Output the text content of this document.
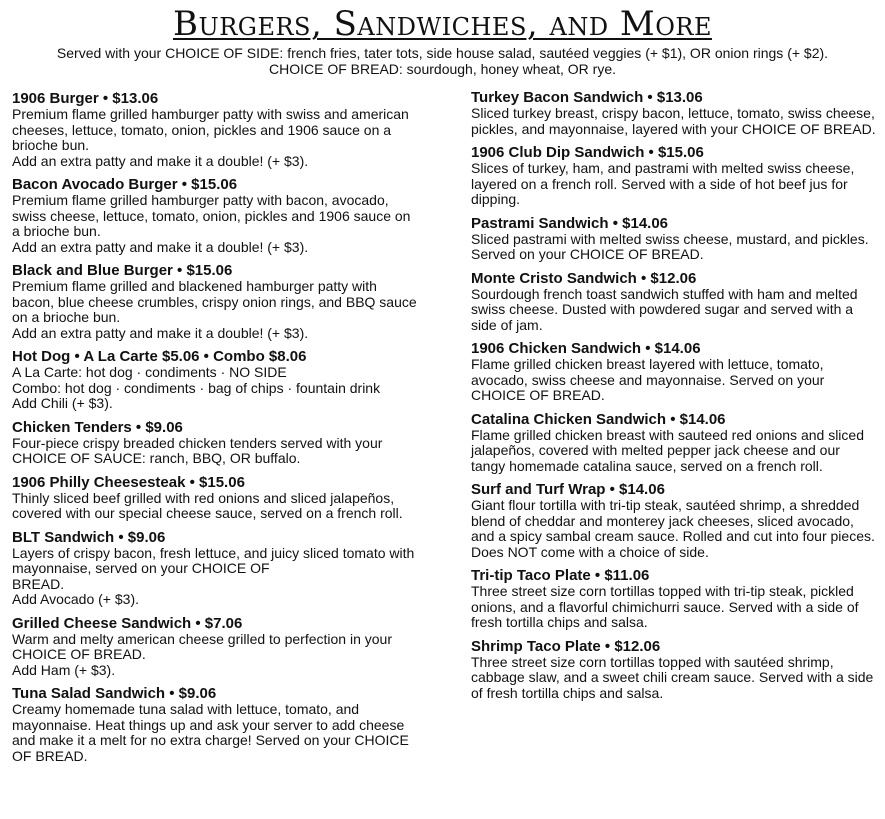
Burgers, Sandwiches, and More
Served with your CHOICE OF SIDE: french fries, tater tots, side house salad, sautéed veggies (+ $1), OR onion rings (+ $2).
CHOICE OF BREAD: sourdough, honey wheat, OR rye.
1906 Burger • $13.06
Premium flame grilled hamburger patty with swiss and american cheeses, lettuce, tomato, onion, pickles and 1906 sauce on a brioche bun.
Add an extra patty and make it a double! (+ $3).
Bacon Avocado Burger • $15.06
Premium flame grilled hamburger patty with bacon, avocado, swiss cheese, lettuce, tomato, onion, pickles and 1906 sauce on a brioche bun.
Add an extra patty and make it a double! (+ $3).
Black and Blue Burger • $15.06
Premium flame grilled and blackened hamburger patty with bacon, blue cheese crumbles, crispy onion rings, and BBQ sauce on a brioche bun.
Add an extra patty and make it a double! (+ $3).
Hot Dog • A La Carte $5.06 • Combo $8.06
A La Carte: hot dog · condiments · NO SIDE
Combo: hot dog · condiments · bag of chips · fountain drink
Add Chili (+ $3).
Chicken Tenders • $9.06
Four-piece crispy breaded chicken tenders served with your CHOICE OF SAUCE: ranch, BBQ, OR buffalo.
1906 Philly Cheesesteak • $15.06
Thinly sliced beef grilled with red onions and sliced jalapeños, covered with our special cheese sauce, served on a french roll.
BLT Sandwich • $9.06
Layers of crispy bacon, fresh lettuce, and juicy sliced tomato with mayonnaise, served on your CHOICE OF
BREAD.
Add Avocado (+ $3).
Grilled Cheese Sandwich • $7.06
Warm and melty american cheese grilled to perfection in your CHOICE OF BREAD.
Add Ham (+ $3).
Tuna Salad Sandwich • $9.06
Creamy homemade tuna salad with lettuce, tomato, and mayonnaise. Heat things up and ask your server to add cheese and make it a melt for no extra charge! Served on your CHOICE OF BREAD.
Turkey Bacon Sandwich • $13.06
Sliced turkey breast, crispy bacon, lettuce, tomato, swiss cheese, pickles, and mayonnaise, layered with your CHOICE OF BREAD.
1906 Club Dip Sandwich • $15.06
Slices of turkey, ham, and pastrami with melted swiss cheese, layered on a french roll. Served with a side of hot beef jus for dipping.
Pastrami Sandwich • $14.06
Sliced pastrami with melted swiss cheese, mustard, and pickles. Served on your CHOICE OF BREAD.
Monte Cristo Sandwich • $12.06
Sourdough french toast sandwich stuffed with ham and melted swiss cheese. Dusted with powdered sugar and served with a side of jam.
1906 Chicken Sandwich • $14.06
Flame grilled chicken breast layered with lettuce, tomato, avocado, swiss cheese and mayonnaise. Served on your CHOICE OF BREAD.
Catalina Chicken Sandwich • $14.06
Flame grilled chicken breast with sauteed red onions and sliced jalapeños, covered with melted pepper jack cheese and our tangy homemade catalina sauce, served on a french roll.
Surf and Turf Wrap • $14.06
Giant flour tortilla with tri-tip steak, sautéed shrimp, a shredded blend of cheddar and monterey jack cheeses, sliced avocado, and a spicy sambal cream sauce. Rolled and cut into four pieces. Does NOT come with a choice of side.
Tri-tip Taco Plate • $11.06
Three street size corn tortillas topped with tri-tip steak, pickled onions, and a flavorful chimichurri sauce. Served with a side of fresh tortilla chips and salsa.
Shrimp Taco Plate • $12.06
Three street size corn tortillas topped with sautéed shrimp, cabbage slaw, and a sweet chili cream sauce. Served with a side of fresh tortilla chips and salsa.
